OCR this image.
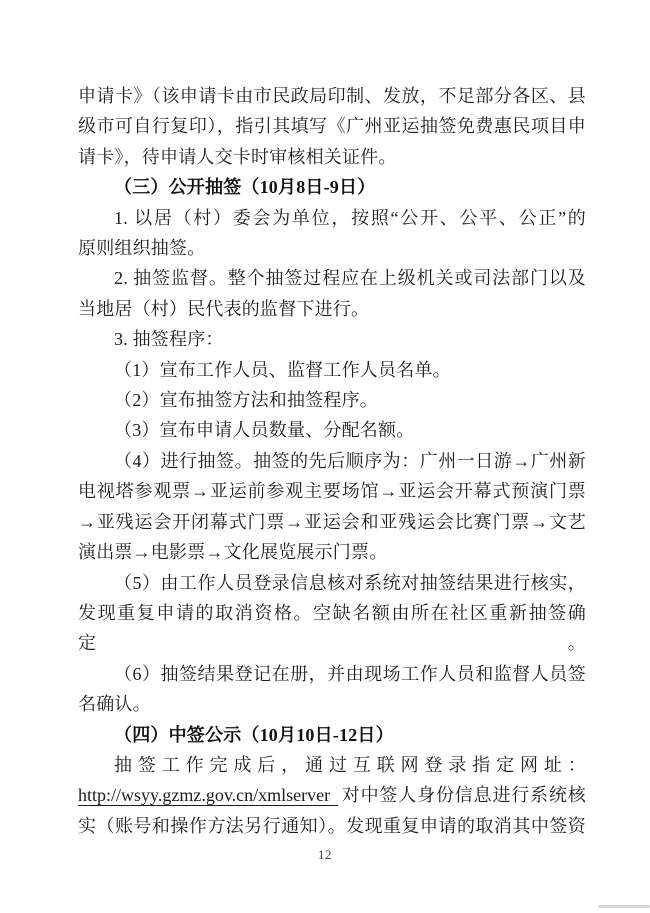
申请卡》（该申请卡由市民政局印制、发放，不足部分各区、县
级市可自行复印），指引其填写《广州亚运抽签免费惠民项目申
请卡》，待申请人交卡时审核相关证件。
（三）公开抽签（10月8日-9日）
1. 以居（村）委会为单位，按照“公开、公平、公正”的
原则组织抽签。
2. 抽签监督。整个抽签过程应在上级机关或司法部门以及
当地居（村）民代表的监督下进行。
3. 抽签程序：
（1）宣布工作人员、监督工作人员名单。
（2）宣布抽签方法和抽签程序。
（3）宣布申请人员数量、分配名额。
（4）进行抽签。抽签的先后顺序为：广州一日游→广州新
电视塔参观票→亚运前参观主要场馆→亚运会开幕式预演门票
→亚残运会开闭幕式门票→亚运会和亚残运会比赛门票→文艺
演出票→电影票→文化展览展示门票。
（5）由工作人员登录信息核对系统对抽签结果进行核实，
发现重复申请的取消资格。空缺名额由所在社区重新抽签确定。
（6）抽签结果登记在册，并由现场工作人员和监督人员签
名确认。
（四）中签公示（10月10日-12日）
抽签工作完成后，通过互联网登录指定网址：
http://wsyy.gzmz.gov.cn/xmlserver 对中签人身份信息进行系统核
实（账号和操作方法另行通知）。发现重复申请的取消其中签资
12
